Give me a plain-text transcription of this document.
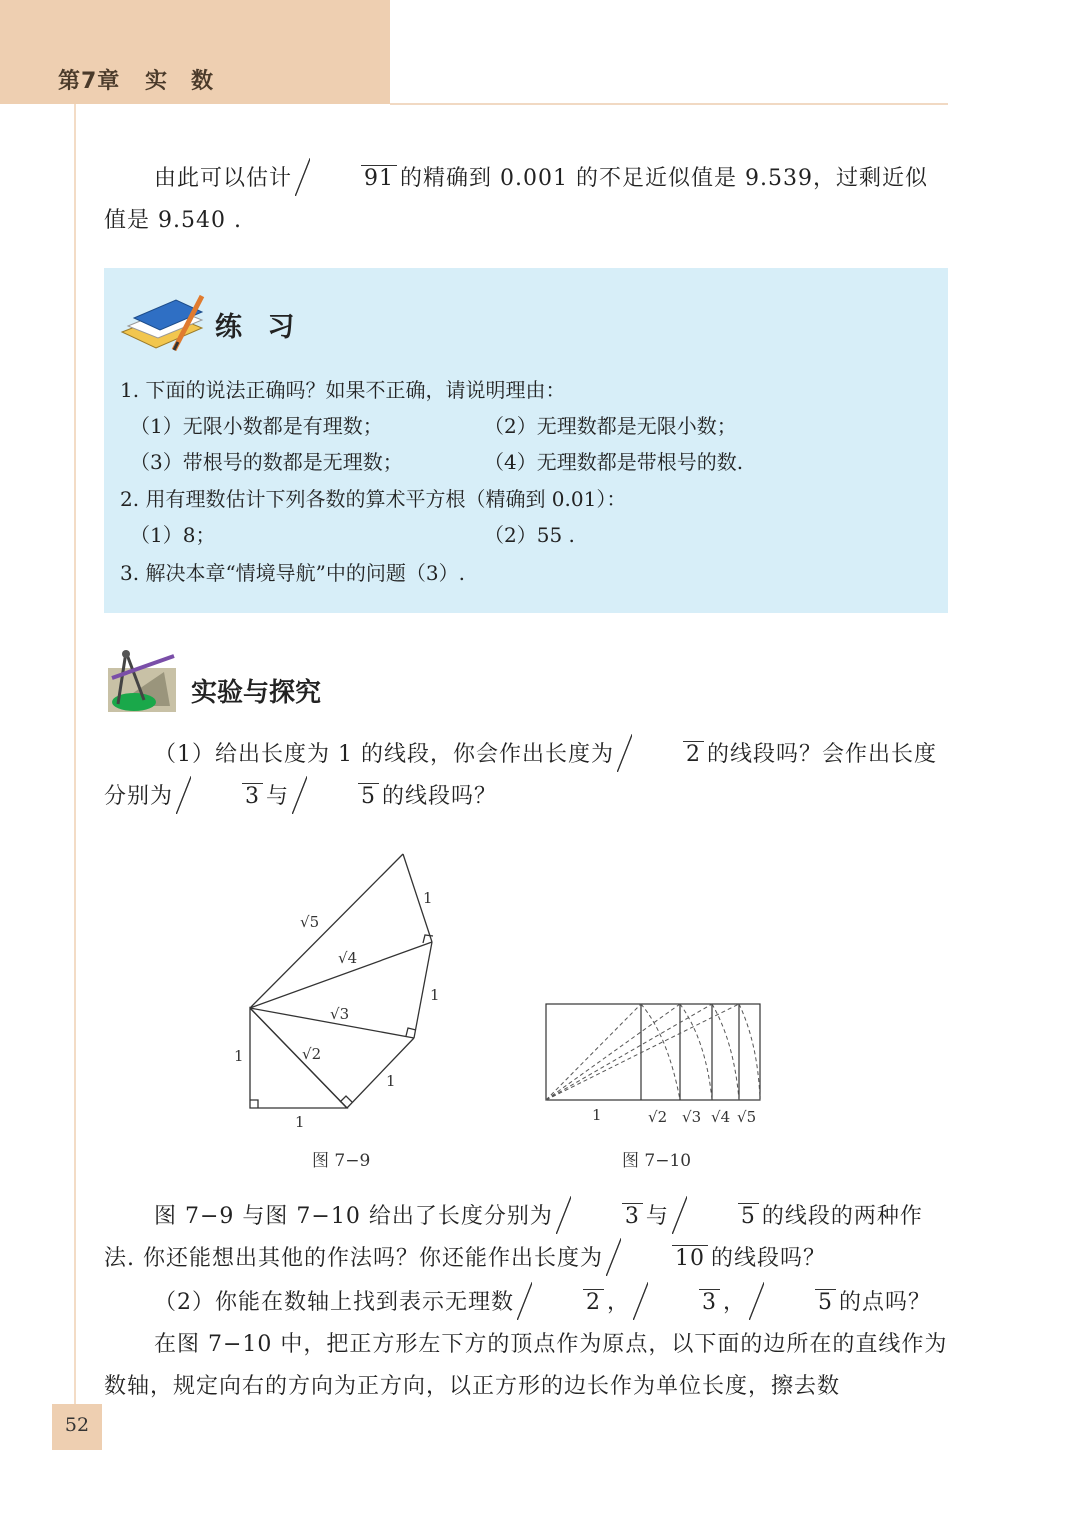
第7章 实　数
由此可以估计	91 的精确到 0.001 的不足近似值是 9.539，过剩近似值是 9.540 .
练 习
1. 下面的说法正确吗？如果不正确，请说明理由：
（1）无限小数都是有理数；	（2）无理数都是无限小数；
（3）带根号的数都是无理数；	（4）无理数都是带根号的数.
2. 用有理数估计下列各数的算术平方根（精确到 0.01）：
（1）8；	（2）55 .
3. 解决本章“情境导航”中的问题（3）.
实验与探究
（1）给出长度为 1 的线段，你会作出长度为	2 的线段吗？会作出长度分别为	3 与	5 的线段吗？
1
1
1
1
1
√5
√4
√3
√2
图 7−9
1	√2 √3 √4 √5
图 7−10
图 7−9 与图 7−10 给出了长度分别为	3 与	5 的线段的两种作法. 你还能想出其他的作法吗？你还能作出长度为	10 的线段吗？
（2）你能在数轴上找到表示无理数	2 ，	3 ，	5 的点吗？
在图 7−10 中，把正方形左下方的顶点作为原点，以下面的边所在的直线作为数轴，规定向右的方向为正方向，以正方形的边长作为单位长度，擦去数
52
